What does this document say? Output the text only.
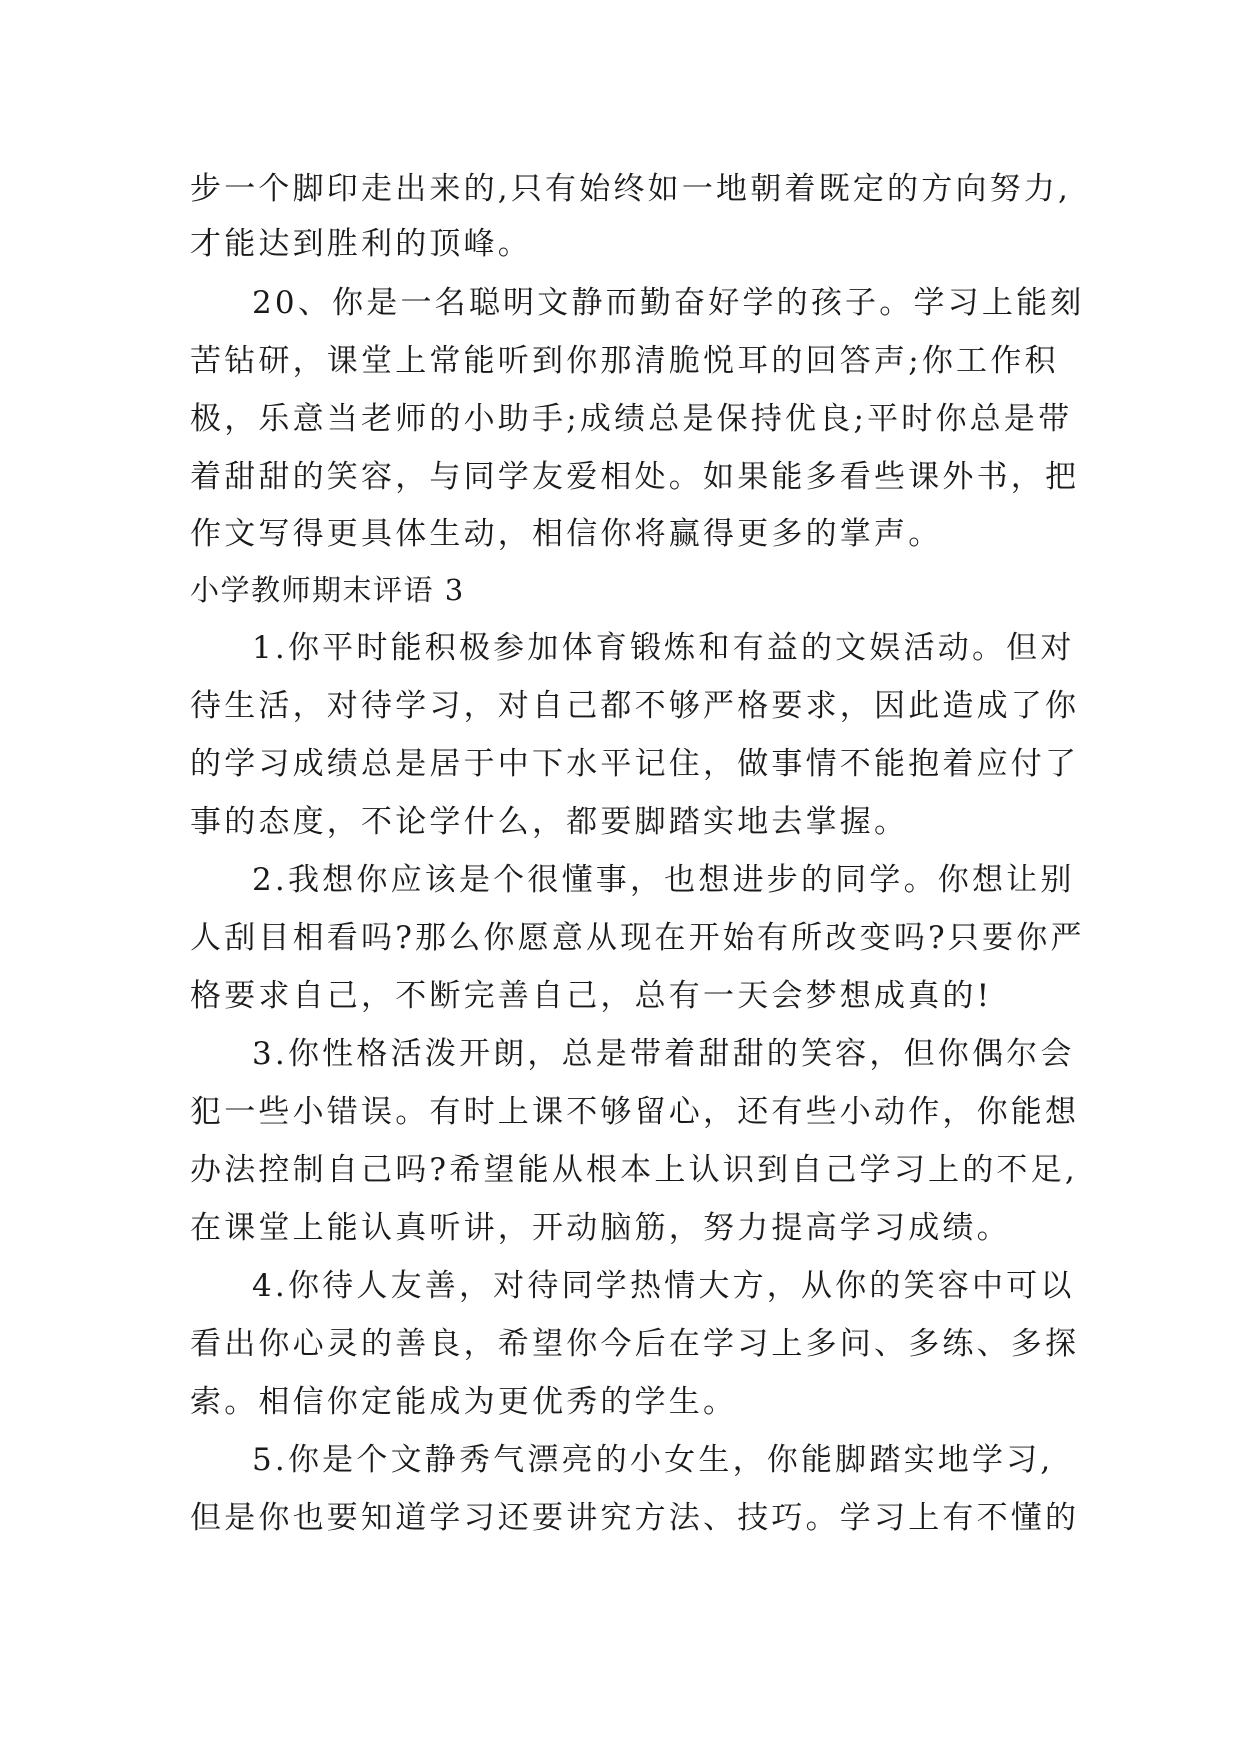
步一个脚印走出来的,只有始终如一地朝着既定的方向努力,
才能达到胜利的顶峰。
20、你是一名聪明文静而勤奋好学的孩子。学习上能刻
苦钻研，课堂上常能听到你那清脆悦耳的回答声;你工作积
极，乐意当老师的小助手;成绩总是保持优良;平时你总是带
着甜甜的笑容，与同学友爱相处。如果能多看些课外书，把
作文写得更具体生动，相信你将赢得更多的掌声。
小学教师期末评语 3
1.你平时能积极参加体育锻炼和有益的文娱活动。但对
待生活，对待学习，对自己都不够严格要求，因此造成了你
的学习成绩总是居于中下水平记住，做事情不能抱着应付了
事的态度，不论学什么，都要脚踏实地去掌握。
2.我想你应该是个很懂事，也想进步的同学。你想让别
人刮目相看吗?那么你愿意从现在开始有所改变吗?只要你严
格要求自己，不断完善自己，总有一天会梦想成真的!
3.你性格活泼开朗，总是带着甜甜的笑容，但你偶尔会
犯一些小错误。有时上课不够留心，还有些小动作，你能想
办法控制自己吗?希望能从根本上认识到自己学习上的不足,
在课堂上能认真听讲，开动脑筋，努力提高学习成绩。
4.你待人友善，对待同学热情大方，从你的笑容中可以
看出你心灵的善良，希望你今后在学习上多问、多练、多探
索。相信你定能成为更优秀的学生。
5.你是个文静秀气漂亮的小女生，你能脚踏实地学习,
但是你也要知道学习还要讲究方法、技巧。学习上有不懂的
